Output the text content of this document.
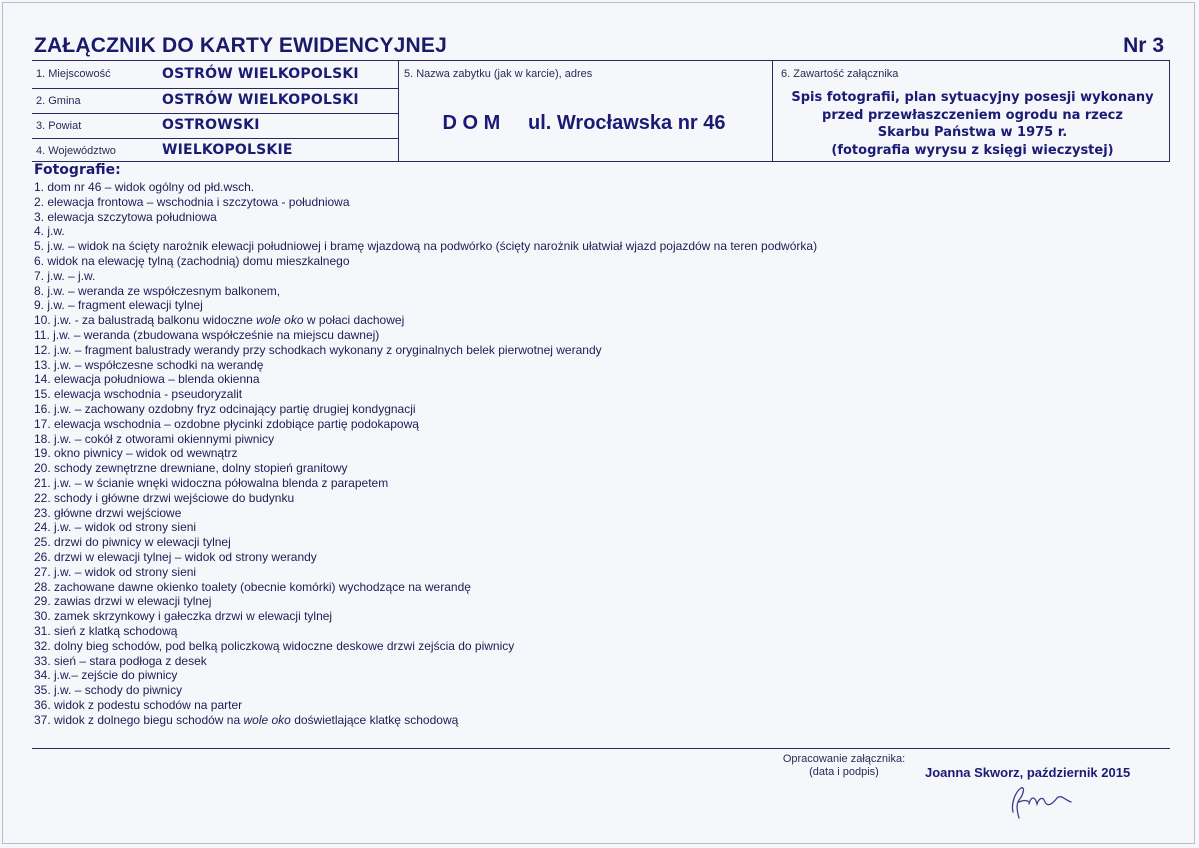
ZAŁĄCZNIK DO KARTY EWIDENCYJNEJ	Nr 3
1. Miejscowość	OSTRÓW WIELKOPOLSKI
2. Gmina	OSTRÓW WIELKOPOLSKI
3. Powiat	OSTROWSKI
4. Województwo	WIELKOPOLSKIE
5. Nazwa zabytku (jak w karcie), adres
D O M     ul. Wrocławska nr 46
6. Zawartość załącznika
Spis fotografii, plan sytuacyjny posesji wykonany
przed przewłaszczeniem ogrodu na rzecz
Skarbu Państwa w 1975 r.
(fotografia wyrysu z księgi wieczystej)
Fotografie:
1. dom nr 46 – widok ogólny od płd.wsch.
2. elewacja frontowa – wschodnia i szczytowa - południowa
3. elewacja szczytowa południowa
4. j.w.
5. j.w. – widok na ścięty narożnik elewacji południowej i bramę wjazdową na podwórko (ścięty narożnik ułatwiał wjazd pojazdów na teren podwórka)
6. widok na elewację tylną (zachodnią) domu mieszkalnego
7. j.w. – j.w.
8. j.w. – weranda ze współczesnym balkonem,
9. j.w. – fragment elewacji tylnej
10. j.w. - za balustradą balkonu widoczne wole oko w połaci dachowej
11. j.w. – weranda (zbudowana współcześnie na miejscu dawnej)
12. j.w. – fragment balustrady werandy przy schodkach wykonany z oryginalnych belek pierwotnej werandy
13. j.w. – współczesne schodki na werandę
14. elewacja południowa – blenda okienna
15. elewacja wschodnia - pseudoryzalit
16. j.w. – zachowany ozdobny fryz odcinający partię drugiej kondygnacji
17. elewacja wschodnia – ozdobne płycinki zdobiące partię podokapową
18. j.w. – cokół z otworami okiennymi piwnicy
19. okno piwnicy – widok od wewnątrz
20. schody zewnętrzne drewniane, dolny stopień granitowy
21. j.w. – w ścianie wnęki widoczna półowalna blenda z parapetem
22. schody i główne drzwi wejściowe do budynku
23. główne drzwi wejściowe
24. j.w. – widok od strony sieni
25. drzwi do piwnicy w elewacji tylnej
26. drzwi w elewacji tylnej – widok od strony werandy
27. j.w. – widok od strony sieni
28. zachowane dawne okienko toalety (obecnie komórki) wychodzące na werandę
29. zawias drzwi w elewacji tylnej
30. zamek skrzynkowy i gałeczka drzwi w elewacji tylnej
31. sień z klatką schodową
32. dolny bieg schodów, pod belką policzkową widoczne deskowe drzwi zejścia do piwnicy
33. sień – stara podłoga z desek
34. j.w.– zejście do piwnicy
35. j.w. – schody do piwnicy
36. widok z podestu schodów na parter
37. widok z dolnego biegu schodów na wole oko doświetlające klatkę schodową
Opracowanie załącznika:
(data i podpis)	Joanna Skworz, październik 2015
